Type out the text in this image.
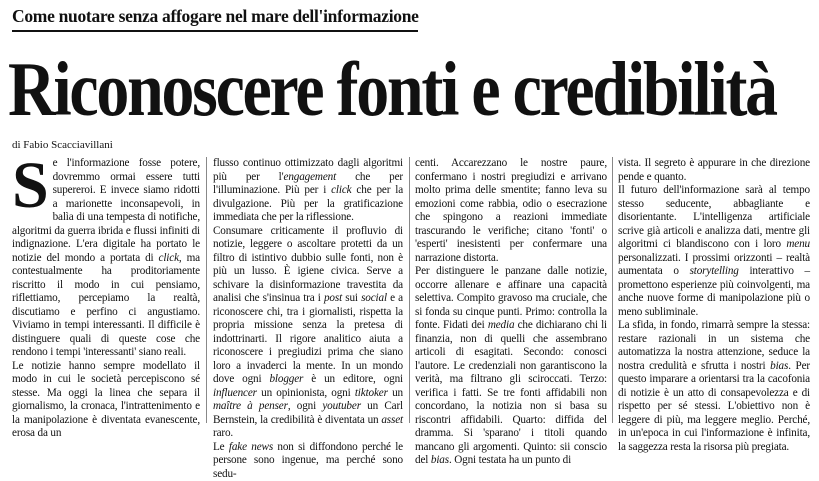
Come nuotare senza affogare nel mare dell'informazione
Riconoscere fonti e credibilità
di Fabio Scacciavillani

Se l'informazione fosse potere, dovremmo ormai essere tutti supereroi. E invece siamo ridotti a marionette inconsapevoli, in balìa di una tempesta di notifiche, algoritmi da guerra ibrida e flussi infiniti di indignazione. L'era digitale ha portato le notizie del mondo a portata di click, ma contestualmente ha proditoriamente riscritto il modo in cui pensiamo, riflettiamo, percepiamo la realtà, discutiamo e perfino ci angustiamo. Viviamo in tempi interessanti. Il difficile è distinguere quali di queste cose che rendono i tempi 'interessanti' siano reali.

Le notizie hanno sempre modellato il modo in cui le società percepiscono sé stesse. Ma oggi la linea che separa il giornalismo, la cronaca, l'intrattenimento e la manipolazione è diventata evanescente, erosa da un

flusso continuo ottimizzato dagli algoritmi più per l'engagement che per l'illuminazione. Più per i click che per la divulgazione. Più per la gratificazione immediata che per la riflessione.

Consumare criticamente il profluvio di notizie, leggere o ascoltare protetti da un filtro di istintivo dubbio sulle fonti, non è più un lusso. È igiene civica. Serve a schivare la disinformazione travestita da analisi che s'insinua tra i post sui social e a riconoscere chi, tra i giornalisti, rispetta la propria missione senza la pretesa di indottrinarti. Il rigore analitico aiuta a riconoscere i pregiudizi prima che siano loro a invaderci la mente. In un mondo dove ogni blogger è un editore, ogni influencer un opinionista, ogni tiktoker un maître à penser, ogni youtuber un Carl Bernstein, la credibilità è diventata un asset raro.

Le fake news non si diffondono perché le persone sono ingenue, ma perché sono sedu-

centi. Accarezzano le nostre paure, confermano i nostri pregiudizi e arrivano molto prima delle smentite; fanno leva su emozioni come rabbia, odio o esecrazione che spingono a reazioni immediate trascurando le verifiche; citano 'fonti' o 'esperti' inesistenti per confermare una narrazione distorta.

Per distinguere le panzane dalle notizie, occorre allenare e affinare una capacità selettiva. Compito gravoso ma cruciale, che si fonda su cinque punti. Primo: controlla la fonte. Fidati dei media che dichiarano chi li finanzia, non di quelli che assembrano articoli di esagitati. Secondo: conosci l'autore. Le credenziali non garantiscono la verità, ma filtrano gli sciroccati. Terzo: verifica i fatti. Se tre fonti affidabili non concordano, la notizia non si basa su riscontri affidabili. Quarto: diffida del dramma. Si 'sparano' i titoli quando mancano gli argomenti. Quinto: sii conscio del bias. Ogni testata ha un punto di

vista. Il segreto è appurare in che direzione pende e quanto.

Il futuro dell'informazione sarà al tempo stesso seducente, abbagliante e disorientante. L'intelligenza artificiale scrive già articoli e analizza dati, mentre gli algoritmi ci blandiscono con i loro menu personalizzati. I prossimi orizzonti – realtà aumentata o storytelling interattivo – promettono esperienze più coinvolgenti, ma anche nuove forme di manipolazione più o meno subliminale.

La sfida, in fondo, rimarrà sempre la stessa: restare razionali in un sistema che automatizza la nostra attenzione, seduce la nostra credulità e sfrutta i nostri bias. Per questo imparare a orientarsi tra la cacofonia di notizie è un atto di consapevolezza e di rispetto per sé stessi. L'obiettivo non è leggere di più, ma leggere meglio. Perché, in un'epoca in cui l'informazione è infinita, la saggezza resta la risorsa più pregiata.
